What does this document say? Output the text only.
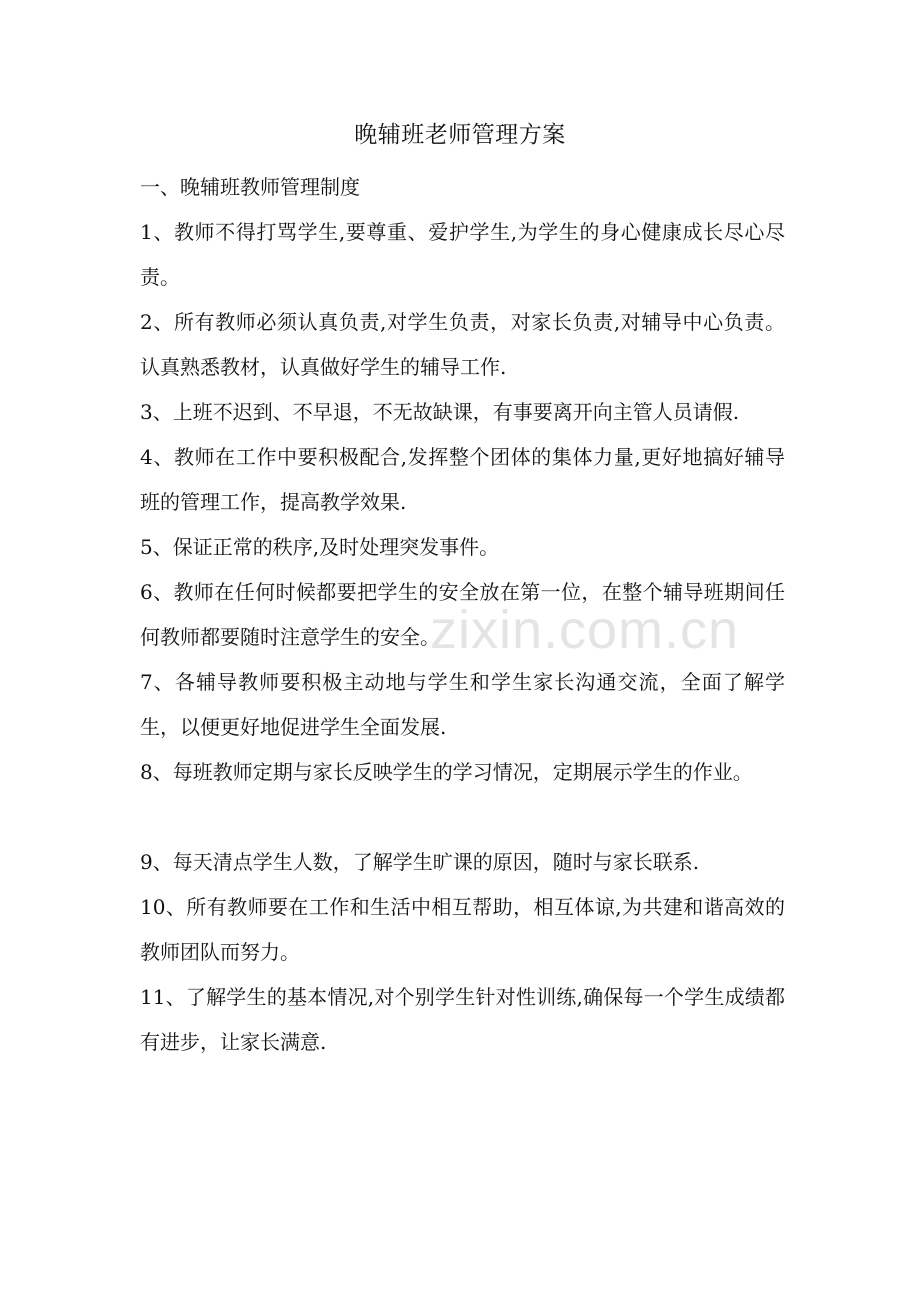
晚辅班老师管理方案

一、晚辅班教师管理制度

1、教师不得打骂学生,要尊重、爱护学生,为学生的身心健康成长尽心尽责。

2、所有教师必须认真负责,对学生负责，对家长负责,对辅导中心负责。认真熟悉教材，认真做好学生的辅导工作.

3、上班不迟到、不早退，不无故缺课，有事要离开向主管人员请假.

4、教师在工作中要积极配合,发挥整个团体的集体力量,更好地搞好辅导班的管理工作，提高教学效果.

5、保证正常的秩序,及时处理突发事件。

6、教师在任何时候都要把学生的安全放在第一位，在整个辅导班期间任何教师都要随时注意学生的安全。

7、各辅导教师要积极主动地与学生和学生家长沟通交流，全面了解学生，以便更好地促进学生全面发展.

8、每班教师定期与家长反映学生的学习情况，定期展示学生的作业。

9、每天清点学生人数，了解学生旷课的原因，随时与家长联系.

10、所有教师要在工作和生活中相互帮助，相互体谅,为共建和谐高效的教师团队而努力。

11、了解学生的基本情况,对个别学生针对性训练,确保每一个学生成绩都有进步，让家长满意.

zixin.com.cn
